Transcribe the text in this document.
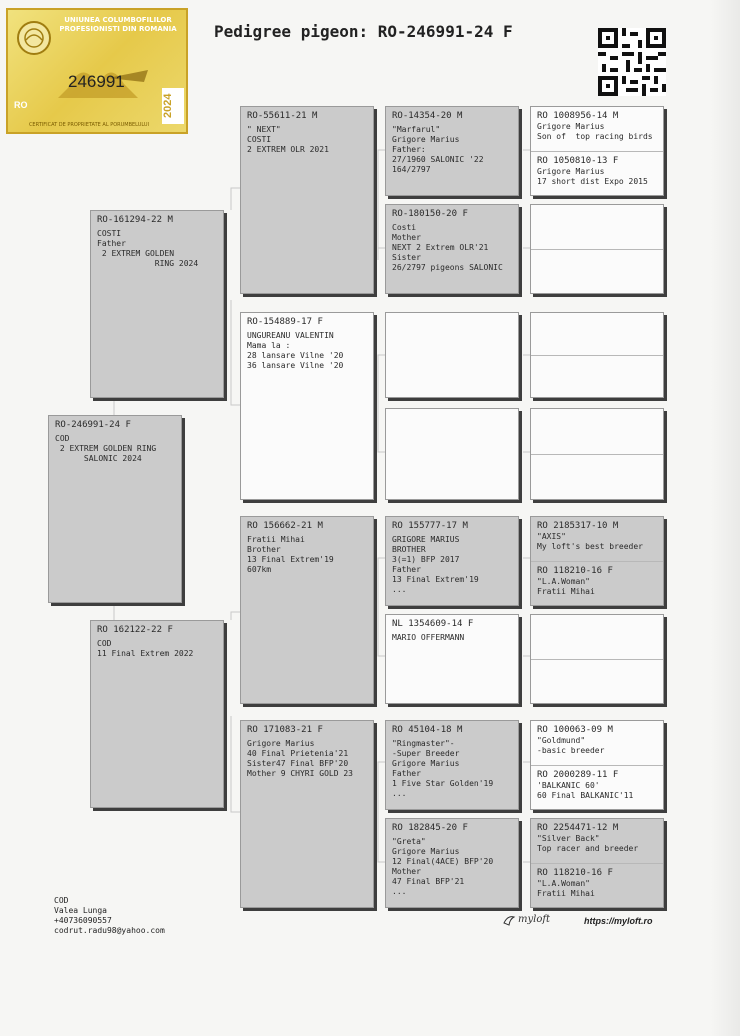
UNIUNEA COLUMBOFILILOR PROFESIONISTI DIN ROMANIA
246991
RO	2024
CERTIFICAT DE PROPRIETATE AL PORUMBELULUI
Pedigree pigeon: RO-246991-24 F
RO-246991-24 F
COD
2 EXTREM GOLDEN RING
SALONIC 2024
RO-161294-22 M
COSTI
Father
2 EXTREM GOLDEN
RING 2024
RO 162122-22 F
COD
11 Final Extrem 2022
RO-55611-21 M
" NEXT"
COSTI
2 EXTREM OLR 2021
RO-154889-17 F
UNGUREANU VALENTIN
Mama la :
28 lansare Vilne '20
36 lansare Vilne '20
RO 156662-21 M
Fratii Mihai
Brother
13 Final Extrem'19
607km
RO 171083-21 F
Grigore Marius
40 Final Prietenia'21
Sister47 Final BFP'20
Mother 9 CHYRI GOLD 23
RO-14354-20 M
"Marfarul"
Grigore Marius
Father:
27/1960 SALONIC '22
164/2797
RO-180150-20 F
Costi
Mother
NEXT 2 Extrem OLR'21
Sister
26/2797 pigeons SALONIC
RO 155777-17 M
GRIGORE MARIUS
BROTHER
3(=1) BFP 2017
Father
13 Final Extrem'19
...
NL 1354609-14 F
MARIO OFFERMANN
RO 45104-18 M
"Ringmaster"-
-Super Breeder
Grigore Marius
Father
1 Five Star Golden'19
...
RO 182845-20 F
"Greta"
Grigore Marius
12 Final(4ACE) BFP'20
Mother
47 Final BFP'21
...
RO 1008956-14 M
Grigore Marius
Son of  top racing birds
RO 1050810-13 F
Grigore Marius
17 short dist Expo 2015
RO 2185317-10 M
"AXIS"
My loft's best breeder
RO 118210-16 F
"L.A.Woman"
Fratii Mihai
RO 100063-09 M
"Goldmund"
-basic breeder
RO 2000289-11 F
'BALKANIC 60'
60 Final BALKANIC'11
RO 2254471-12 M
"Silver Back"
Top racer and breeder
RO 118210-16 F
"L.A.Woman"
Fratii Mihai
COD
Valea Lunga
+40736090557
codrut.radu98@yahoo.com
myloft	https://myloft.ro
